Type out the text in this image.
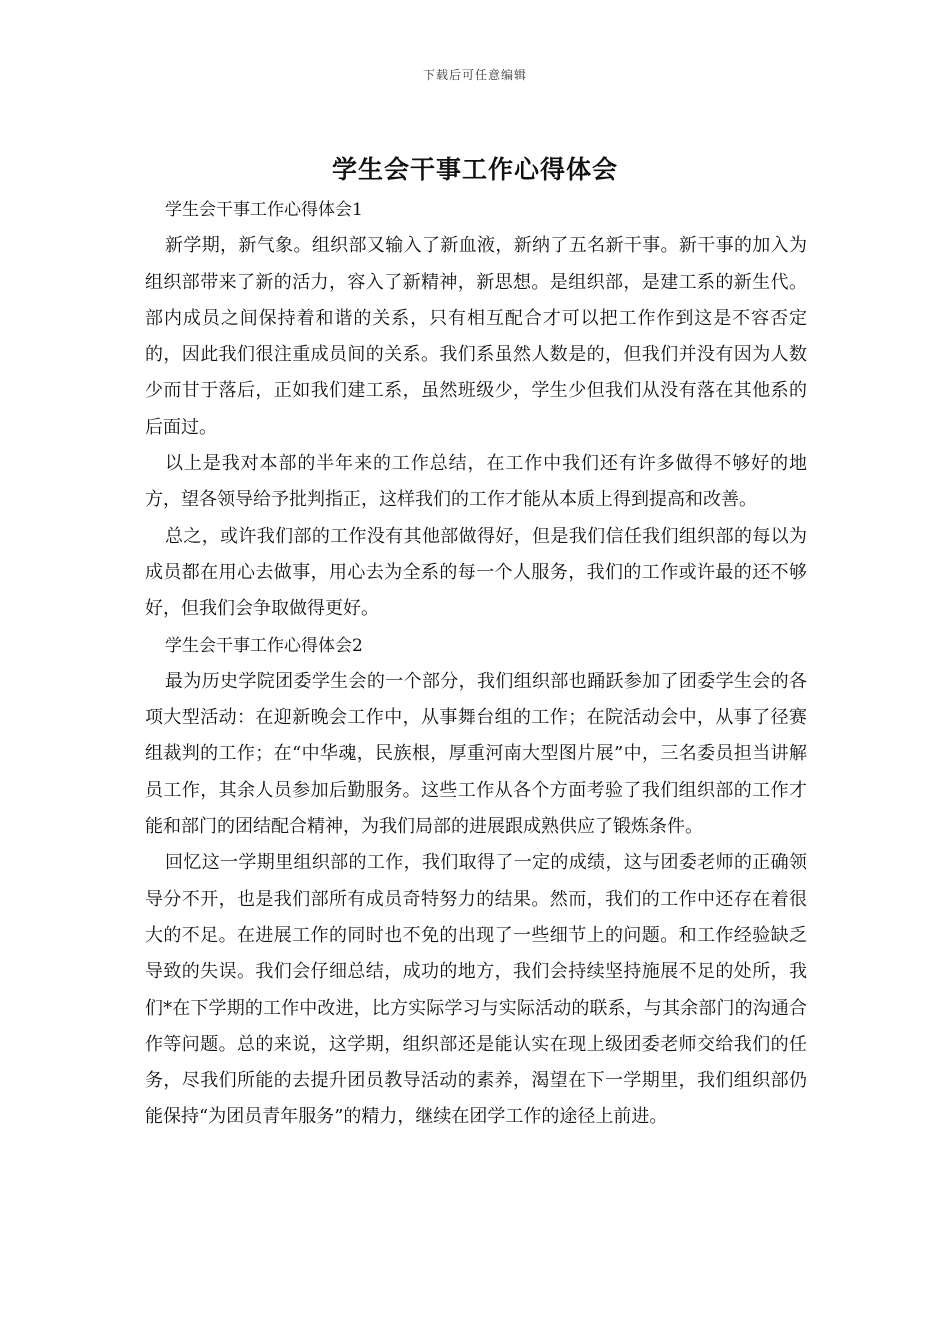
下载后可任意编辑
学生会干事工作心得体会

学生会干事工作心得体会1

新学期，新气象。组织部又输入了新血液，新纳了五名新干事。新干事的加入为组织部带来了新的活力，容入了新精神，新思想。是组织部，是建工系的新生代。部内成员之间保持着和谐的关系，只有相互配合才可以把工作作到这是不容否定的，因此我们很注重成员间的关系。我们系虽然人数是的，但我们并没有因为人数少而甘于落后，正如我们建工系，虽然班级少，学生少但我们从没有落在其他系的后面过。

以上是我对本部的半年来的工作总结，在工作中我们还有许多做得不够好的地方，望各领导给予批判指正，这样我们的工作才能从本质上得到提高和改善。

总之，或许我们部的工作没有其他部做得好，但是我们信任我们组织部的每以为成员都在用心去做事，用心去为全系的每一个人服务，我们的工作或许最的还不够好，但我们会争取做得更好。

学生会干事工作心得体会2

最为历史学院团委学生会的一个部分，我们组织部也踊跃参加了团委学生会的各项大型活动：在迎新晚会工作中，从事舞台组的工作；在院活动会中，从事了径赛组裁判的工作；在“中华魂，民族根，厚重河南大型图片展”中，三名委员担当讲解员工作，其余人员参加后勤服务。这些工作从各个方面考验了我们组织部的工作才能和部门的团结配合精神，为我们局部的进展跟成熟供应了锻炼条件。

回忆这一学期里组织部的工作，我们取得了一定的成绩，这与团委老师的正确领导分不开，也是我们部所有成员奇特努力的结果。然而，我们的工作中还存在着很大的不足。在进展工作的同时也不免的出现了一些细节上的问题。和工作经验缺乏导致的失误。我们会仔细总结，成功的地方，我们会持续坚持施展不足的处所，我们*在下学期的工作中改进，比方实际学习与实际活动的联系，与其余部门的沟通合作等问题。总的来说，这学期，组织部还是能认实在现上级团委老师交给我们的任务，尽我们所能的去提升团员教导活动的素养，渴望在下一学期里，我们组织部仍能保持“为团员青年服务”的精力，继续在团学工作的途径上前进。
